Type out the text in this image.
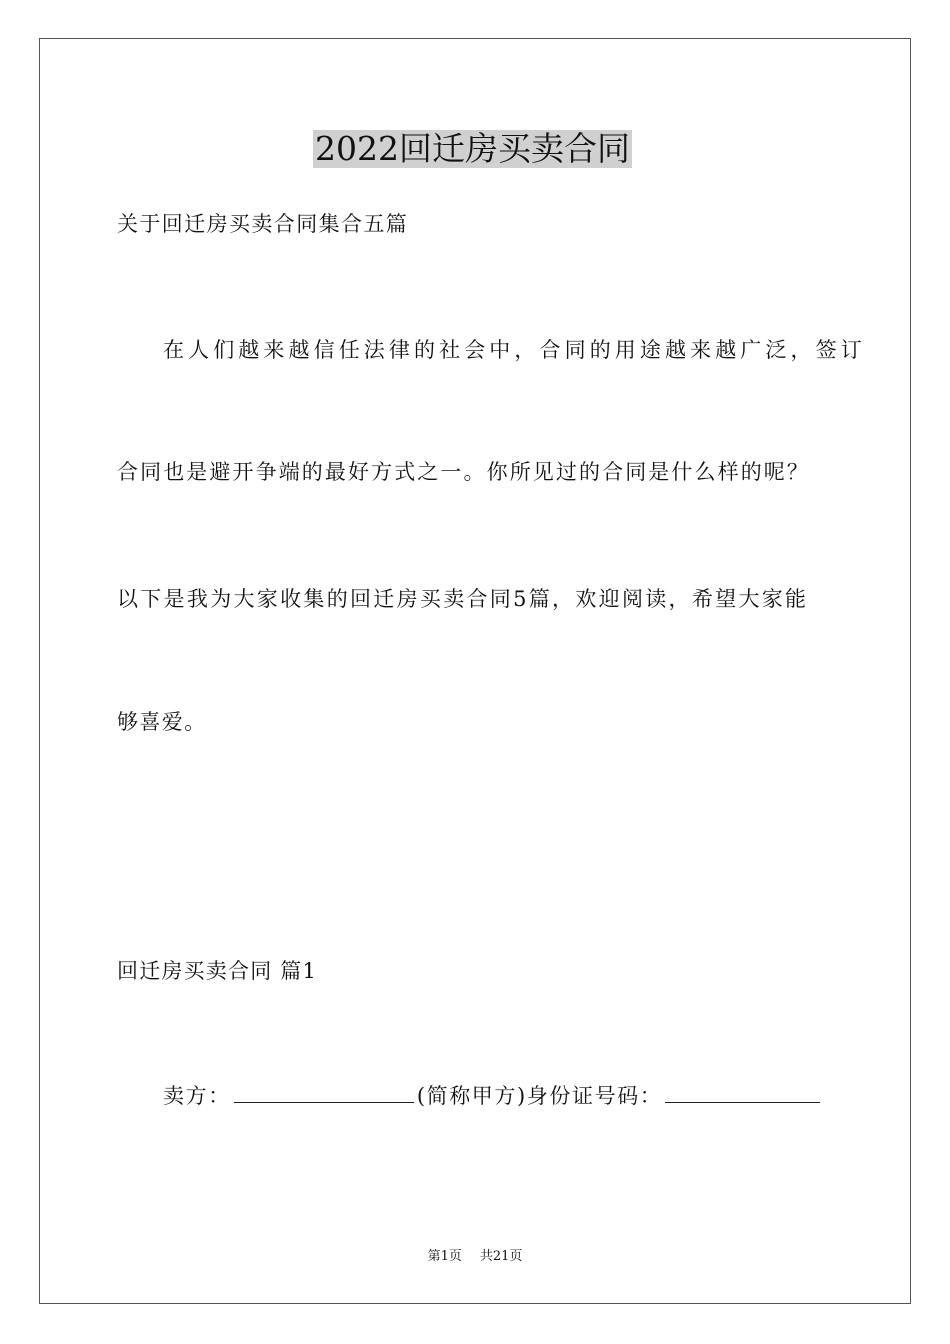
2022回迁房买卖合同
关于回迁房买卖合同集合五篇
在人们越来越信任法律的社会中，合同的用途越来越广泛，签订
合同也是避开争端的最好方式之一。你所见过的合同是什么样的呢？
以下是我为大家收集的回迁房买卖合同5篇，欢迎阅读，希望大家能
够喜爱。
回迁房买卖合同 篇1
卖方：	(简称甲方)身份证号码：
第1页 共21页
